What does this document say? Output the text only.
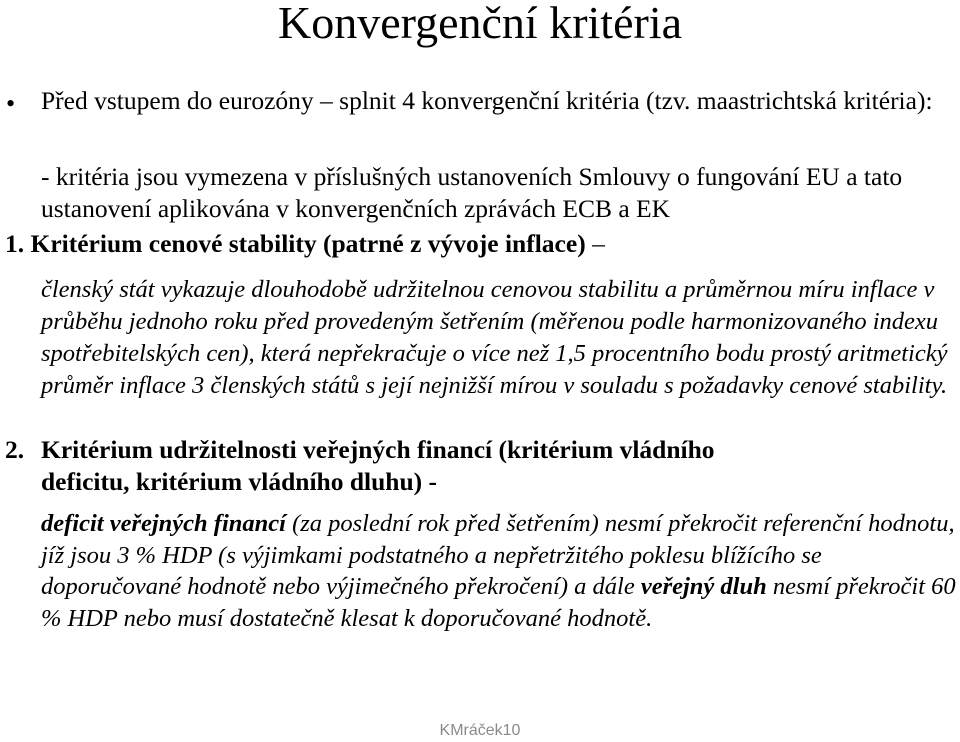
Konvergenční kritéria
• Před vstupem do eurozóny – splnit 4 konvergenční kritéria (tzv. maastrichtská kritéria):
- kritéria jsou vymezena v příslušných ustanoveních Smlouvy o fungování EU a tato ustanovení aplikována v konvergenčních zprávách ECB a EK
1. Kritérium cenové stability (patrné z vývoje inflace) –
členský stát vykazuje dlouhodobě udržitelnou cenovou stabilitu a průměrnou míru inflace v průběhu jednoho roku před provedeným šetřením (měřenou podle harmonizovaného indexu spotřebitelských cen), která nepřekračuje o více než 1,5 procentního bodu prostý aritmetický průměr inflace 3 členských států s její nejnižší mírou v souladu s požadavky cenové stability.
2. Kritérium udržitelnosti veřejných financí (kritérium vládního
deficitu, kritérium vládního dluhu) -
deficit veřejných financí (za poslední rok před šetřením) nesmí překročit referenční hodnotu, jíž jsou 3 % HDP (s výjimkami podstatného a nepřetržitého poklesu blížícího se doporučované hodnotě nebo výjimečného překročení) a dále veřejný dluh nesmí překročit 60 % HDP nebo musí dostatečně klesat k doporučované hodnotě.
KMráček10
